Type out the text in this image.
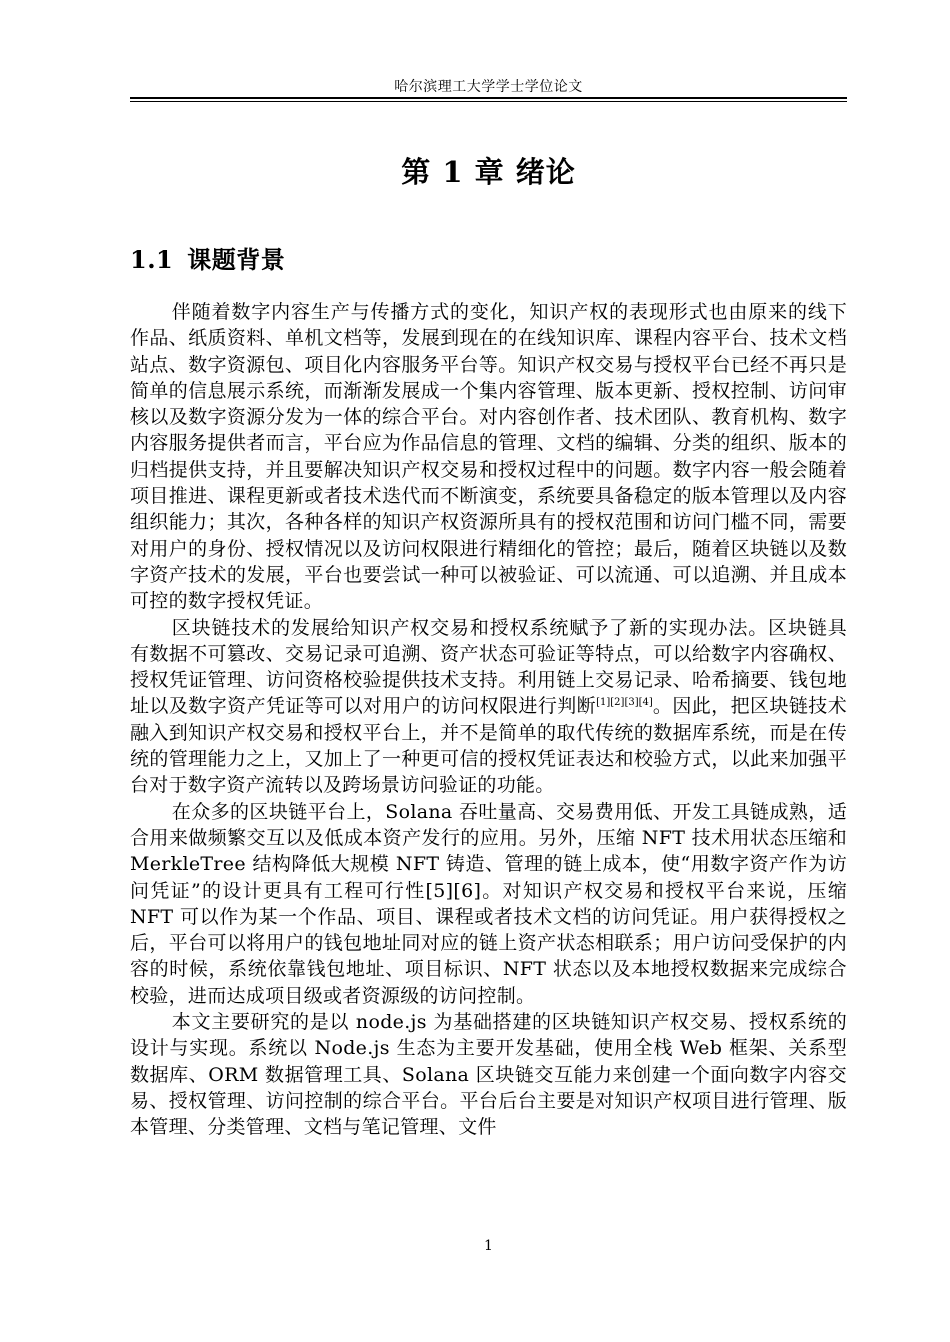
哈尔滨理工大学学士学位论文
第 1 章 绪论
1.1 课题背景

伴随着数字内容生产与传播方式的变化，知识产权的表现形式也由原来的线下作品、纸质资料、单机文档等，发展到现在的在线知识库、课程内容平台、技术文档站点、数字资源包、项目化内容服务平台等。知识产权交易与授权平台已经不再只是简单的信息展示系统，而渐渐发展成一个集内容管理、版本更新、授权控制、访问审核以及数字资源分发为一体的综合平台。对内容创作者、技术团队、教育机构、数字内容服务提供者而言，平台应为作品信息的管理、文档的编辑、分类的组织、版本的归档提供支持，并且要解决知识产权交易和授权过程中的问题。数字内容一般会随着项目推进、课程更新或者技术迭代而不断演变，系统要具备稳定的版本管理以及内容组织能力；其次，各种各样的知识产权资源所具有的授权范围和访问门槛不同，需要对用户的身份、授权情况以及访问权限进行精细化的管控；最后，随着区块链以及数字资产技术的发展，平台也要尝试一种可以被验证、可以流通、可以追溯、并且成本可控的数字授权凭证。

区块链技术的发展给知识产权交易和授权系统赋予了新的实现办法。区块链具有数据不可篡改、交易记录可追溯、资产状态可验证等特点，可以给数字内容确权、授权凭证管理、访问资格校验提供技术支持。利用链上交易记录、哈希摘要、钱包地址以及数字资产凭证等可以对用户的访问权限进行判断[1][2][3][4]。因此，把区块链技术融入到知识产权交易和授权平台上，并不是简单的取代传统的数据库系统，而是在传统的管理能力之上，又加上了一种更可信的授权凭证表达和校验方式，以此来加强平台对于数字资产流转以及跨场景访问验证的功能。

在众多的区块链平台上，Solana 吞吐量高、交易费用低、开发工具链成熟，适合用来做频繁交互以及低成本资产发行的应用。另外，压缩 NFT 技术用状态压缩和 MerkleTree 结构降低大规模 NFT 铸造、管理的链上成本，使“用数字资产作为访问凭证”的设计更具有工程可行性[5][6]。对知识产权交易和授权平台来说，压缩 NFT 可以作为某一个作品、项目、课程或者技术文档的访问凭证。用户获得授权之后，平台可以将用户的钱包地址同对应的链上资产状态相联系；用户访问受保护的内容的时候，系统依靠钱包地址、项目标识、NFT 状态以及本地授权数据来完成综合校验，进而达成项目级或者资源级的访问控制。

本文主要研究的是以 node.js 为基础搭建的区块链知识产权交易、授权系统的设计与实现。系统以 Node.js 生态为主要开发基础，使用全栈 Web 框架、关系型数据库、ORM 数据管理工具、Solana 区块链交互能力来创建一个面向数字内容交易、授权管理、访问控制的综合平台。平台后台主要是对知识产权项目进行管理、版本管理、分类管理、文档与笔记管理、文件

1
